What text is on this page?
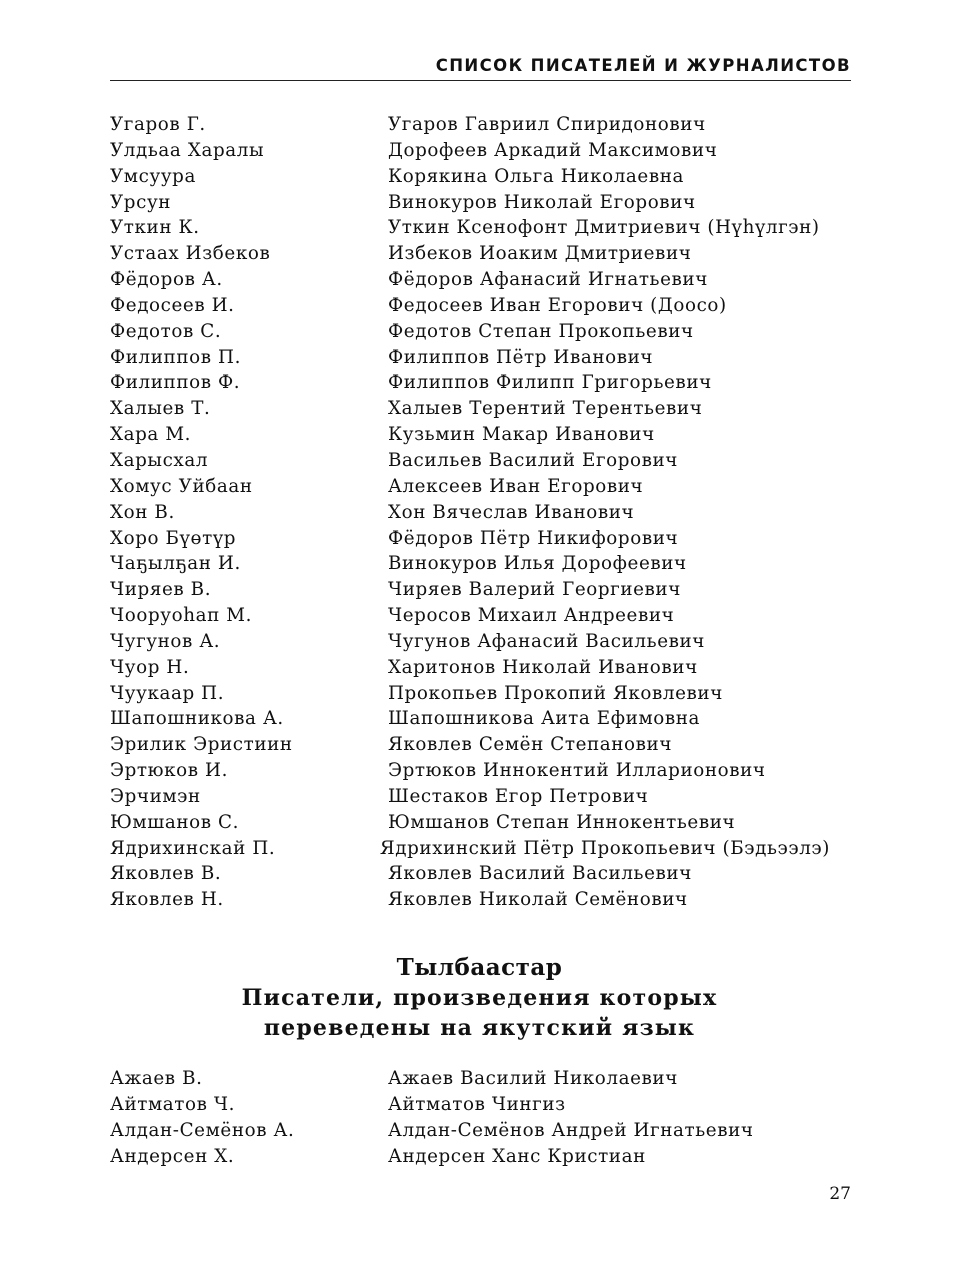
СПИСОК ПИСАТЕЛЕЙ И ЖУРНАЛИСТОВ
Угаров Г.	Угаров Гавриил Спиридонович
Улдьаа Харалы	Дорофеев Аркадий Максимович
Умсуура	Корякина Ольга Николаевна
Урсун	Винокуров Николай Егорович
Уткин К.	Уткин Ксенофонт Дмитриевич (Нүһүлгэн)
Устаах Избеков	Избеков Иоаким Дмитриевич
Фёдоров А.	Фёдоров Афанасий Игнатьевич
Федосеев И.	Федосеев Иван Егорович (Доосо)
Федотов С.	Федотов Степан Прокопьевич
Филиппов П.	Филиппов Пётр Иванович
Филиппов Ф.	Филиппов Филипп Григорьевич
Халыев Т.	Халыев Терентий Терентьевич
Хара М.	Кузьмин Макар Иванович
Харысхал	Васильев Василий Егорович
Хомус Уйбаан	Алексеев Иван Егорович
Хон В.	Хон Вячеслав Иванович
Хоро Бүөтүр	Фёдоров Пётр Никифорович
Чаҕылҕан И.	Винокуров Илья Дорофеевич
Чиряев В.	Чиряев Валерий Георгиевич
Чооруоһап М.	Черосов Михаил Андреевич
Чугунов А.	Чугунов Афанасий Васильевич
Чуор Н.	Харитонов Николай Иванович
Чуукаар П.	Прокопьев Прокопий Яковлевич
Шапошникова А.	Шапошникова Аита Ефимовна
Эрилик Эристиин	Яковлев Семён Степанович
Эртюков И.	Эртюков Иннокентий Илларионович
Эрчимэн	Шестаков Егор Петрович
Юмшанов С.	Юмшанов Степан Иннокентьевич
Ядрихинскай П.	Ядрихинский Пётр Прокопьевич (Бэдьээлэ)
Яковлев В.	Яковлев Василий Васильевич
Яковлев Н.	Яковлев Николай Семёнович
Тылбаастар
Писатели, произведения которых
переведены на якутский язык
Ажаев В.	Ажаев Василий Николаевич
Айтматов Ч.	Айтматов Чингиз
Алдан-Семёнов А.	Алдан-Семёнов Андрей Игнатьевич
Андерсен Х.	Андерсен Ханс Кристиан
27
